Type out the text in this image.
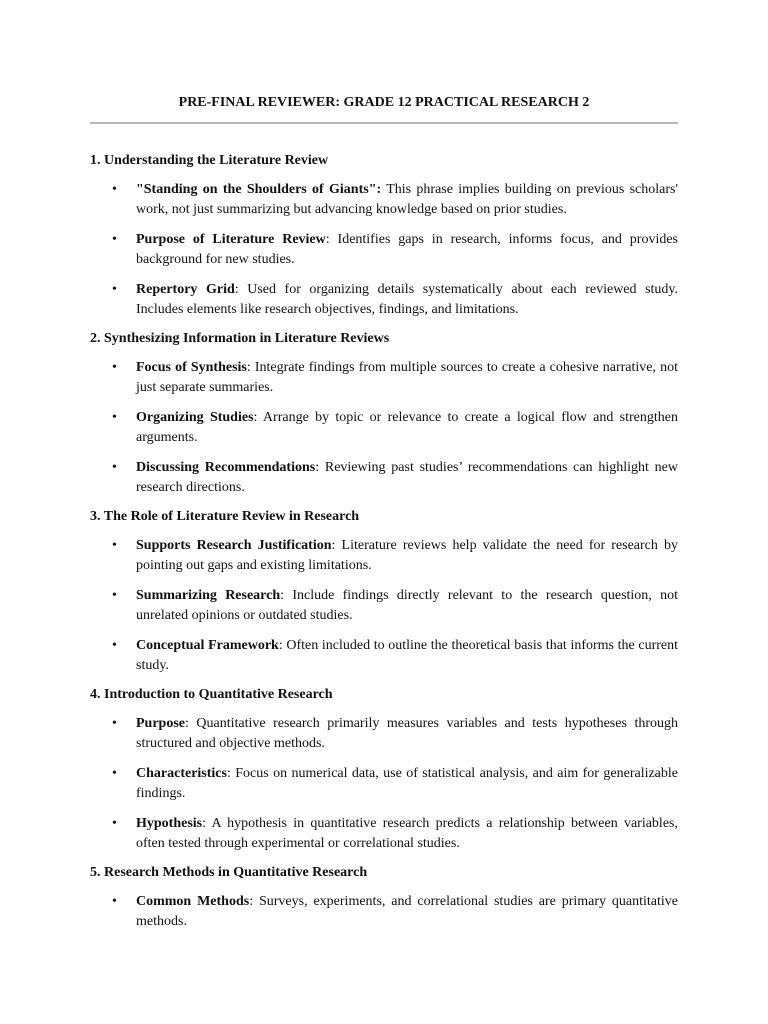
PRE-FINAL REVIEWER: GRADE 12 PRACTICAL RESEARCH 2
1. Understanding the Literature Review
• "Standing on the Shoulders of Giants": This phrase implies building on previous scholars' work, not just summarizing but advancing knowledge based on prior studies.
• Purpose of Literature Review: Identifies gaps in research, informs focus, and provides background for new studies.
• Repertory Grid: Used for organizing details systematically about each reviewed study. Includes elements like research objectives, findings, and limitations.
2. Synthesizing Information in Literature Reviews
• Focus of Synthesis: Integrate findings from multiple sources to create a cohesive narrative, not just separate summaries.
• Organizing Studies: Arrange by topic or relevance to create a logical flow and strengthen arguments.
• Discussing Recommendations: Reviewing past studies’ recommendations can highlight new research directions.
3. The Role of Literature Review in Research
• Supports Research Justification: Literature reviews help validate the need for research by pointing out gaps and existing limitations.
• Summarizing Research: Include findings directly relevant to the research question, not unrelated opinions or outdated studies.
• Conceptual Framework: Often included to outline the theoretical basis that informs the current study.
4. Introduction to Quantitative Research
• Purpose: Quantitative research primarily measures variables and tests hypotheses through structured and objective methods.
• Characteristics: Focus on numerical data, use of statistical analysis, and aim for generalizable findings.
• Hypothesis: A hypothesis in quantitative research predicts a relationship between variables, often tested through experimental or correlational studies.
5. Research Methods in Quantitative Research
• Common Methods: Surveys, experiments, and correlational studies are primary quantitative methods.
